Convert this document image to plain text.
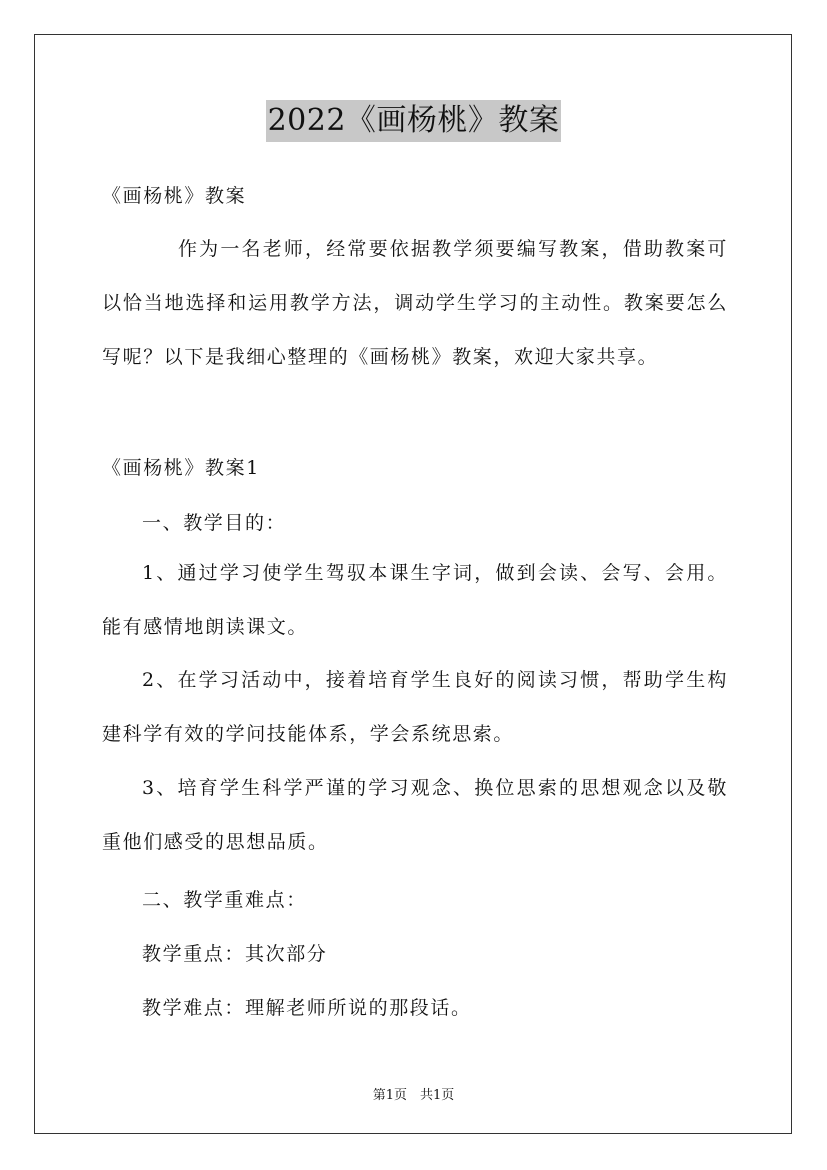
2022《画杨桃》教案
《画杨桃》教案
作为一名老师，经常要依据教学须要编写教案，借助教案可以恰当地选择和运用教学方法，调动学生学习的主动性。教案要怎么写呢？以下是我细心整理的《画杨桃》教案，欢迎大家共享。
《画杨桃》教案1
一、教学目的：
1、通过学习使学生驾驭本课生字词，做到会读、会写、会用。能有感情地朗读课文。
2、在学习活动中，接着培育学生良好的阅读习惯，帮助学生构建科学有效的学问技能体系，学会系统思索。
3、培育学生科学严谨的学习观念、换位思索的思想观念以及敬重他们感受的思想品质。
二、教学重难点：
教学重点：其次部分
教学难点：理解老师所说的那段话。
第1页　共1页
